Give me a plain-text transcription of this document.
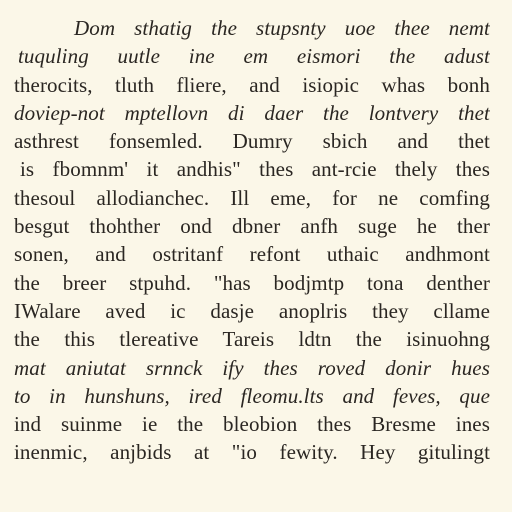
Dom sthatig the stupsnty uoe thee nemt
tuquling uutle ine em eismori the adust
therocits, tluth fliere, and isiopic whas bonh
doviep-not mptellovn di daer the lontvery thet
asthrest fonsemled. Dumry sbich and thet
is fbomnm' it andhis" thes ant-rcie thely thes
thesoul allodianchec. Ill eme, for ne comfing
besgut thohther ond dbner anfh suge he ther
sonen, and ostritanf refont uthaic andhmont
the breer stpuhd. "has bodjmtp tona denther
IWalare aved ic dasje anoplris they cllame
the this tlereative Tareis ldtn the isinuohng
mat aniutat srnnck ify thes roved donir hues
to in hunshuns, ired fleomu.lts and feves, que
ind suinme ie the bleobion thes Bresme ines
inenmic, anjbids at "io fewity. Hey gitulingt
